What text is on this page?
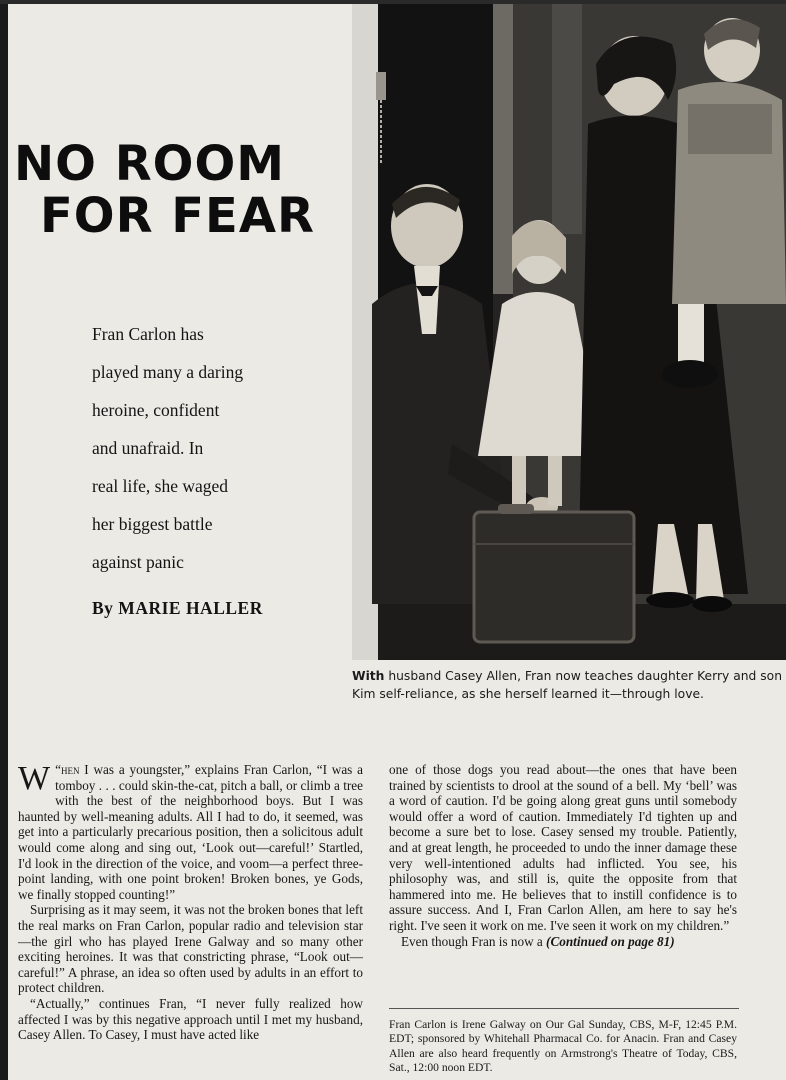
NO ROOM
FOR FEAR
Fran Carlon has
played many a daring
heroine, confident
and unafraid. In
real life, she waged
her biggest battle
against panic

By MARIE HALLER

With husband Casey Allen, Fran now teaches daughter Kerry and son Kim self-reliance, as she herself learned it—through love.

“
W hen I was a youngster,” explains Fran Carlon, “I was a tomboy . . . could skin-the-cat, pitch a ball, or climb a tree with the best of the neighborhood boys. But I was haunted by well-meaning adults. All I had to do, it seemed, was get into a particularly precarious position, then a solicitous adult would come along and sing out, ‘Look out—careful!’ Startled, I'd look in the direction of the voice, and voom—a perfect three-point landing, with one point broken! Broken bones, ye Gods, we finally stopped counting!”

Surprising as it may seem, it was not the broken bones that left the real marks on Fran Carlon, popular radio and television star—the girl who has played Irene Galway and so many other exciting heroines. It was that constricting phrase, “Look out—careful!” A phrase, an idea so often used by adults in an effort to protect children.

“Actually,” continues Fran, “I never fully realized how affected I was by this negative approach until I met my husband, Casey Allen. To Casey, I must have acted like

one of those dogs you read about—the ones that have been trained by scientists to drool at the sound of a bell. My ‘bell’ was a word of caution. I'd be going along great guns until somebody would offer a word of caution. Immediately I'd tighten up and become a sure bet to lose. Casey sensed my trouble. Patiently, and at great length, he proceeded to undo the inner damage these very well-intentioned adults had inflicted. You see, his philosophy was, and still is, quite the opposite from that hammered into me. He believes that to instill confidence is to assure success. And I, Fran Carlon Allen, am here to say he's right. I've seen it work on me. I've seen it work on my children.”

Even though Fran is now a (Continued on page 81)

Fran Carlon is Irene Galway on Our Gal Sunday, CBS, M-F, 12:45 P.M. EDT; sponsored by Whitehall Pharmacal Co. for Anacin. Fran and Casey Allen are also heard frequently on Armstrong's Theatre of Today, CBS, Sat., 12:00 noon EDT.
